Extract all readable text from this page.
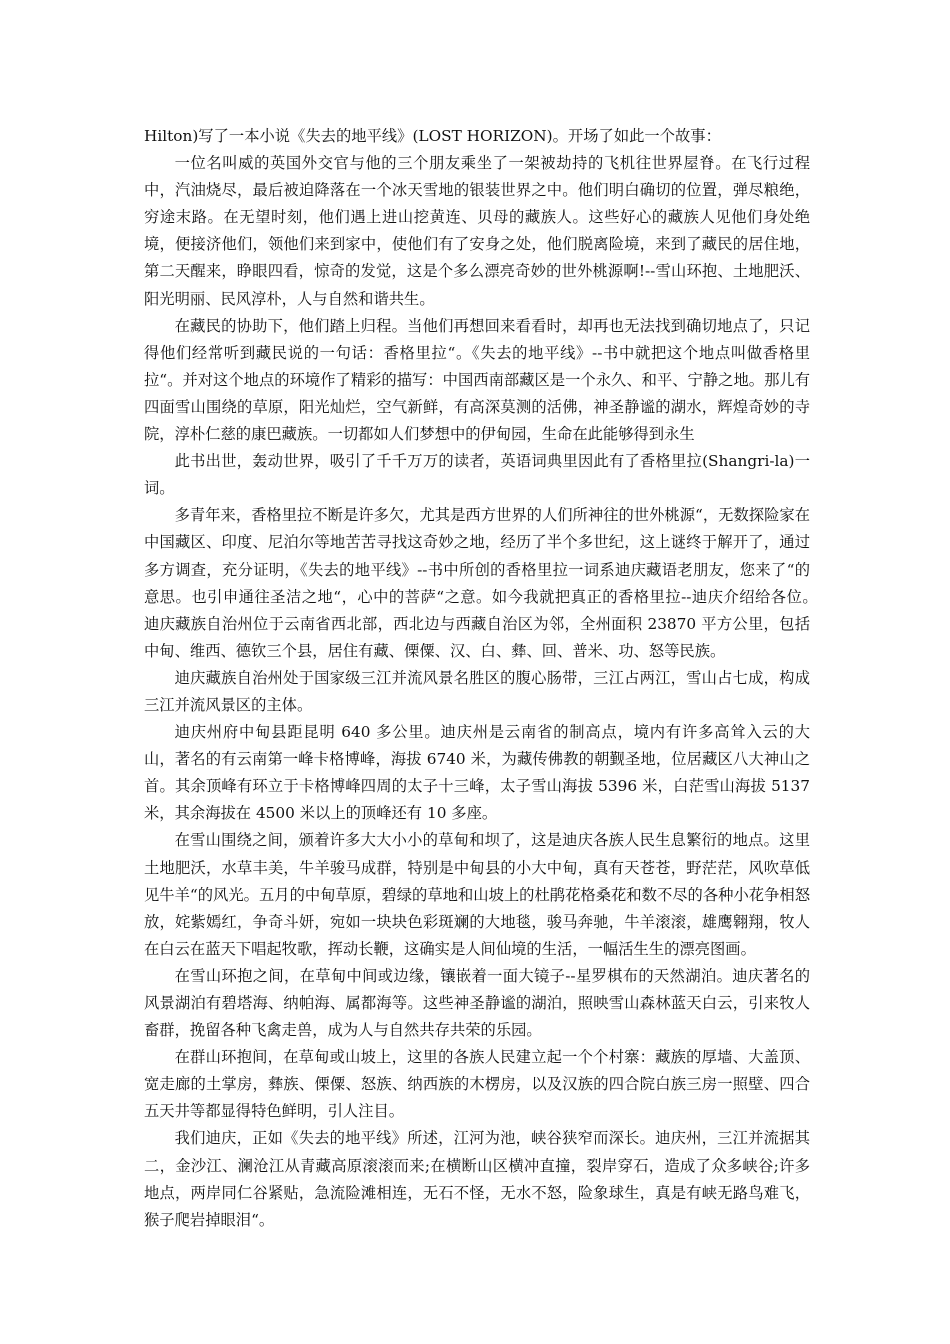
Hilton)写了一本小说《失去的地平线》(LOST HORIZON)。开场了如此一个故事：

一位名叫威的英国外交官与他的三个朋友乘坐了一架被劫持的飞机往世界屋脊。在飞行过程中，汽油烧尽，最后被迫降落在一个冰天雪地的银装世界之中。他们明白确切的位置，弹尽粮绝，穷途末路。在无望时刻，他们遇上进山挖黄连、贝母的藏族人。这些好心的藏族人见他们身处绝境，便接济他们，领他们来到家中，使他们有了安身之处，他们脱离险境，来到了藏民的居住地，第二天醒来，睁眼四看，惊奇的发觉，这是个多么漂亮奇妙的世外桃源啊!--雪山环抱、土地肥沃、阳光明丽、民风淳朴，人与自然和谐共生。

在藏民的协助下，他们踏上归程。当他们再想回来看看时，却再也无法找到确切地点了，只记得他们经常听到藏民说的一句话：香格里拉“。《失去的地平线》--书中就把这个地点叫做香格里拉“。并对这个地点的环境作了精彩的描写：中国西南部藏区是一个永久、和平、宁静之地。那儿有四面雪山围绕的草原，阳光灿烂，空气新鲜，有高深莫测的活佛，神圣静谧的湖水，辉煌奇妙的寺院，淳朴仁慈的康巴藏族。一切都如人们梦想中的伊甸园，生命在此能够得到永生

此书出世，轰动世界，吸引了千千万万的读者，英语词典里因此有了香格里拉(Shangri-la)一词。

多青年来，香格里拉不断是许多欠，尤其是西方世界的人们所神往的世外桃源“，无数探险家在中国藏区、印度、尼泊尔等地苦苦寻找这奇妙之地，经历了半个多世纪，这上谜终于解开了，通过多方调查，充分证明，《失去的地平线》--书中所创的香格里拉一词系迪庆藏语老朋友，您来了“的意思。也引申通往圣洁之地“，心中的菩萨“之意。如今我就把真正的香格里拉--迪庆介绍给各位。　　迪庆藏族自治州位于云南省西北部，西北边与西藏自治区为邻，全州面积 23870 平方公里，包括中甸、维西、德钦三个县，居住有藏、傈僳、汉、白、彝、回、普米、功、怒等民族。

迪庆藏族自治州处于国家级三江并流风景名胜区的腹心肠带，三江占两江，雪山占七成，构成三江并流风景区的主体。

迪庆州府中甸县距昆明 640 多公里。迪庆州是云南省的制高点，境内有许多高耸入云的大山，著名的有云南第一峰卡格博峰，海拔 6740 米，为藏传佛教的朝觐圣地，位居藏区八大神山之首。其余顶峰有环立于卡格博峰四周的太子十三峰，太子雪山海拔 5396 米，白茫雪山海拔 5137 米，其余海拔在 4500 米以上的顶峰还有 10 多座。

在雪山围绕之间，颁着许多大大小小的草甸和坝了，这是迪庆各族人民生息繁衍的地点。这里土地肥沃，水草丰美，牛羊骏马成群，特别是中甸县的小大中甸，真有天苍苍，野茫茫，风吹草低见牛羊“的风光。五月的中甸草原，碧绿的草地和山坡上的杜鹃花格桑花和数不尽的各种小花争相怒放，姹紫嫣红，争奇斗妍，宛如一块块色彩斑斓的大地毯，骏马奔驰，牛羊滚滚，雄鹰翱翔，牧人在白云在蓝天下唱起牧歌，挥动长鞭，这确实是人间仙境的生活，一幅活生生的漂亮图画。

在雪山环抱之间，在草甸中间或边缘，镶嵌着一面大镜子--星罗棋布的天然湖泊。迪庆著名的风景湖泊有碧塔海、纳帕海、属都海等。这些神圣静谧的湖泊，照映雪山森林蓝天白云，引来牧人畜群，挽留各种飞禽走兽，成为人与自然共存共荣的乐园。

在群山环抱间，在草甸或山坡上，这里的各族人民建立起一个个村寨：藏族的厚墙、大盖顶、宽走廊的土掌房，彝族、傈僳、怒族、纳西族的木楞房，以及汉族的四合院白族三房一照壁、四合五天井等都显得特色鲜明，引人注目。

我们迪庆，正如《失去的地平线》所述，江河为池，峡谷狭窄而深长。迪庆州，三江并流据其二，金沙江、澜沧江从青藏高原滚滚而来;在横断山区横冲直撞，裂岸穿石，造成了众多峡谷;许多地点，两岸同仁谷紧贴，急流险滩相连，无石不怪，无水不怒，险象球生，真是有峡无路鸟难飞，猴子爬岩掉眼泪“。
